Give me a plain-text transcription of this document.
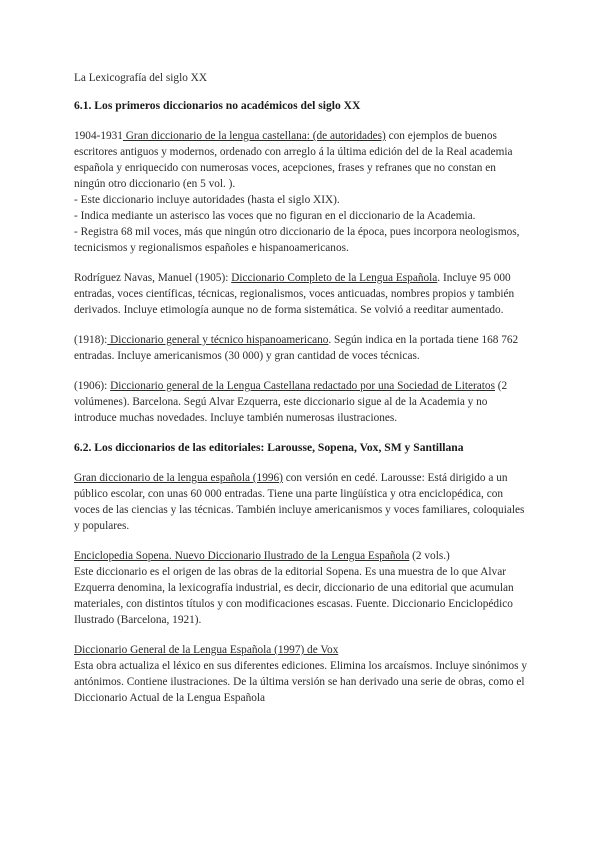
La Lexicografía del siglo XX

6.1. Los primeros diccionarios no académicos del siglo XX

1904-1931 Gran diccionario de la lengua castellana: (de autoridades) con ejemplos de buenos escritores antiguos y modernos, ordenado con arreglo á la última edición del de la Real academia española y enriquecido con numerosas voces, acepciones, frases y refranes que no constan en ningún otro diccionario (en 5 vol. ).
- Este diccionario incluye autoridades (hasta el siglo XIX).
- Indica mediante un asterisco las voces que no figuran en el diccionario de la Academia.
- Registra 68 mil voces, más que ningún otro diccionario de la época, pues incorpora neologismos, tecnicismos y regionalismos españoles e hispanoamericanos.

Rodríguez Navas, Manuel (1905): Diccionario Completo de la Lengua Española. Incluye 95 000 entradas, voces científicas, técnicas, regionalismos, voces anticuadas, nombres propios y también derivados. Incluye etimología aunque no de forma sistemática. Se volvió a reeditar aumentado.

(1918): Diccionario general y técnico hispanoamericano. Según indica en la portada tiene 168 762 entradas. Incluye americanismos (30 000) y gran cantidad de voces técnicas.

(1906): Diccionario general de la Lengua Castellana redactado por una Sociedad de Literatos (2 volúmenes). Barcelona. Segú Alvar Ezquerra, este diccionario sigue al de la Academia y no introduce muchas novedades. Incluye también numerosas ilustraciones.

6.2. Los diccionarios de las editoriales: Larousse, Sopena, Vox, SM y Santillana

Gran diccionario de la lengua española (1996) con versión en cedé. Larousse: Está dirigido a un público escolar, con unas 60 000 entradas. Tiene una parte lingüística y otra enciclopédica, con voces de las ciencias y las técnicas. También incluye americanismos y voces familiares, coloquiales y populares.

Enciclopedia Sopena. Nuevo Diccionario Ilustrado de la Lengua Española (2 vols.)
Este diccionario es el origen de las obras de la editorial Sopena. Es una muestra de lo que Alvar Ezquerra denomina, la lexicografía industrial, es decir, diccionario de una editorial que acumulan materiales, con distintos títulos y con modificaciones escasas. Fuente. Diccionario Enciclopédico Ilustrado (Barcelona, 1921).

Diccionario General de la Lengua Española (1997) de Vox
Esta obra actualiza el léxico en sus diferentes ediciones. Elimina los arcaísmos. Incluye sinónimos y antónimos. Contiene ilustraciones. De la última versión se han derivado una serie de obras, como el Diccionario Actual de la Lengua Española
